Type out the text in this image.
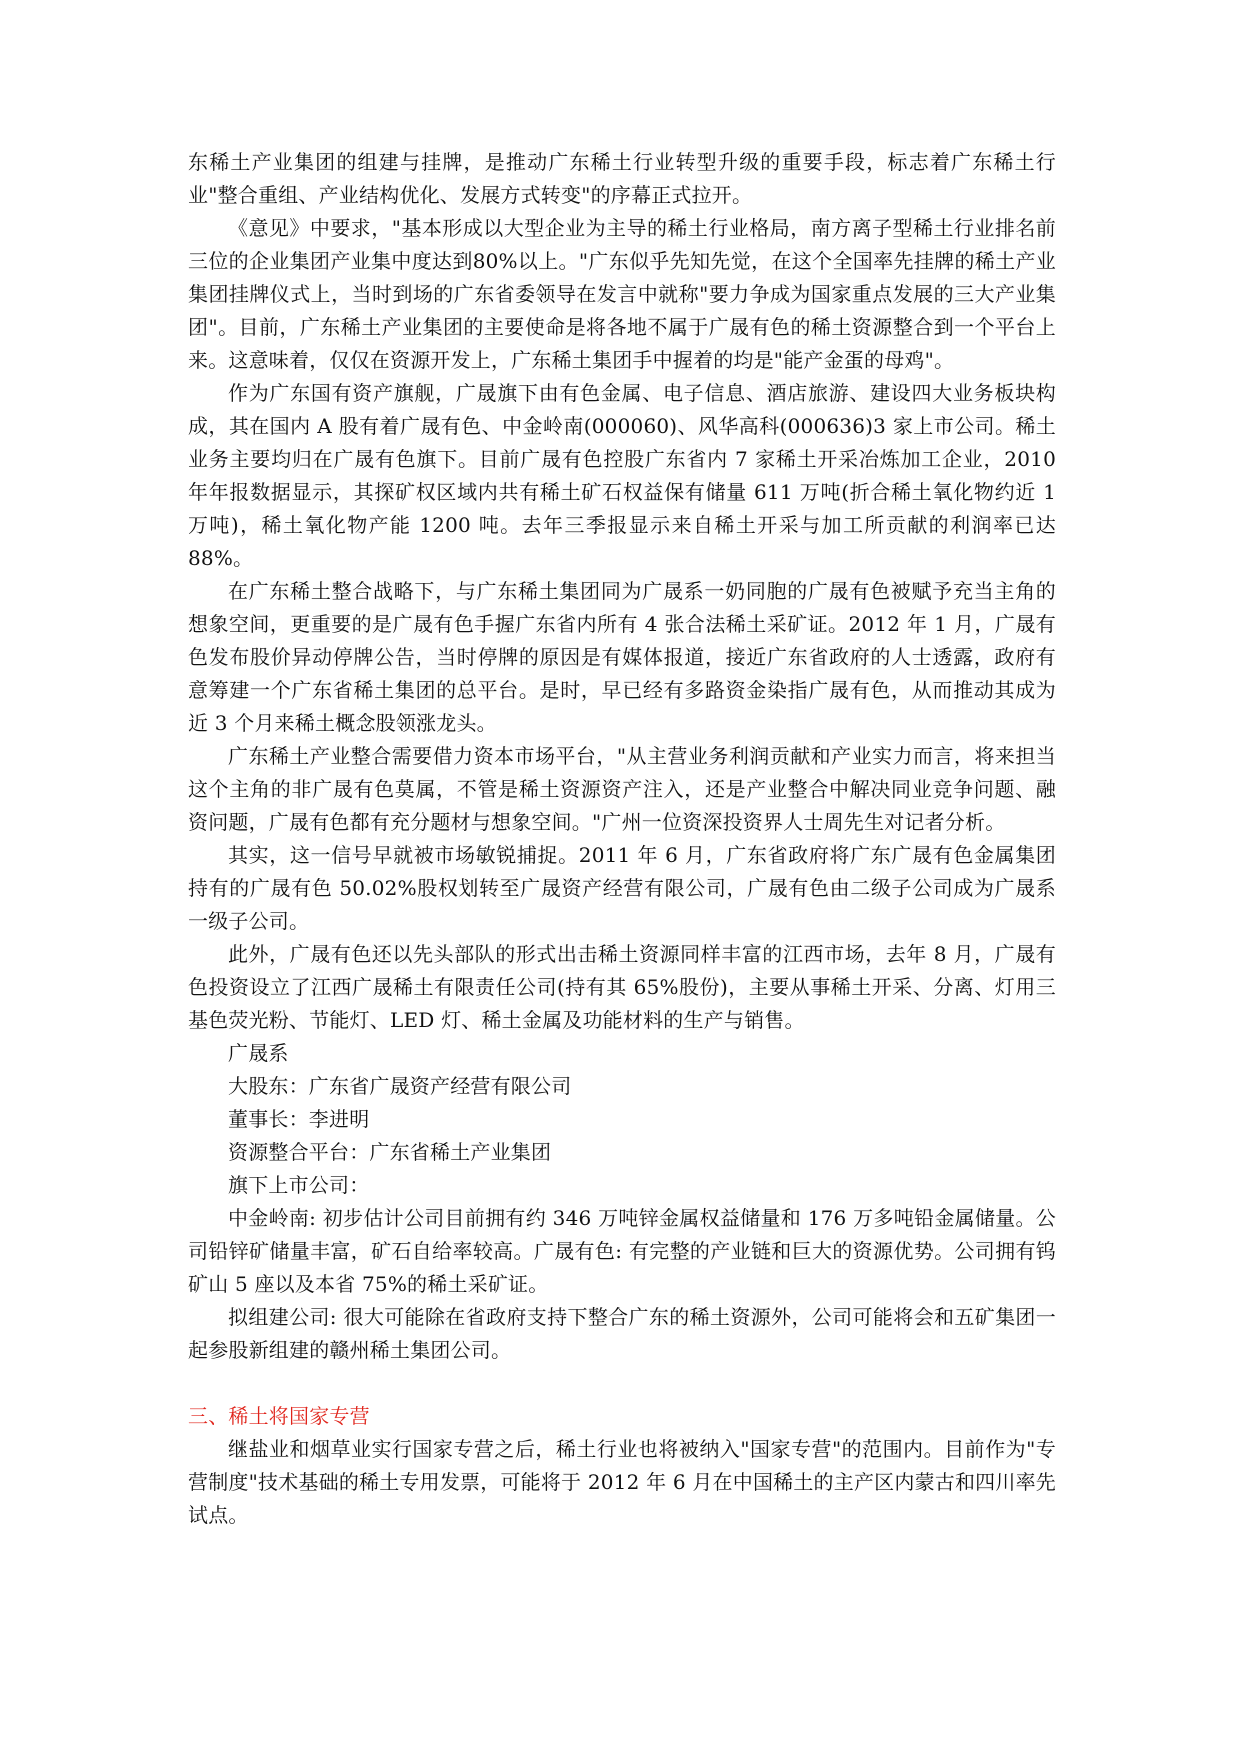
东稀土产业集团的组建与挂牌，是推动广东稀土行业转型升级的重要手段，标志着广东稀土行业"整合重组、产业结构优化、发展方式转变"的序幕正式拉开。

《意见》中要求，"基本形成以大型企业为主导的稀土行业格局，南方离子型稀土行业排名前三位的企业集团产业集中度达到80%以上。"广东似乎先知先觉，在这个全国率先挂牌的稀土产业集团挂牌仪式上，当时到场的广东省委领导在发言中就称"要力争成为国家重点发展的三大产业集团"。目前，广东稀土产业集团的主要使命是将各地不属于广晟有色的稀土资源整合到一个平台上来。这意味着，仅仅在资源开发上，广东稀土集团手中握着的均是"能产金蛋的母鸡"。

作为广东国有资产旗舰，广晟旗下由有色金属、电子信息、酒店旅游、建设四大业务板块构成，其在国内 A 股有着广晟有色、中金岭南(000060)、风华高科(000636)3 家上市公司。稀土业务主要均归在广晟有色旗下。目前广晟有色控股广东省内 7 家稀土开采冶炼加工企业，2010 年年报数据显示，其探矿权区域内共有稀土矿石权益保有储量 611 万吨(折合稀土氧化物约近 1 万吨)，稀土氧化物产能 1200 吨。去年三季报显示来自稀土开采与加工所贡献的利润率已达 88%。

在广东稀土整合战略下，与广东稀土集团同为广晟系一奶同胞的广晟有色被赋予充当主角的想象空间，更重要的是广晟有色手握广东省内所有 4 张合法稀土采矿证。2012 年 1 月，广晟有色发布股价异动停牌公告，当时停牌的原因是有媒体报道，接近广东省政府的人士透露，政府有意筹建一个广东省稀土集团的总平台。是时，早已经有多路资金染指广晟有色，从而推动其成为近 3 个月来稀土概念股领涨龙头。

广东稀土产业整合需要借力资本市场平台，"从主营业务利润贡献和产业实力而言，将来担当这个主角的非广晟有色莫属，不管是稀土资源资产注入，还是产业整合中解决同业竞争问题、融资问题，广晟有色都有充分题材与想象空间。"广州一位资深投资界人士周先生对记者分析。

其实，这一信号早就被市场敏锐捕捉。2011 年 6 月，广东省政府将广东广晟有色金属集团持有的广晟有色 50.02%股权划转至广晟资产经营有限公司，广晟有色由二级子公司成为广晟系一级子公司。

此外，广晟有色还以先头部队的形式出击稀土资源同样丰富的江西市场，去年 8 月，广晟有色投资设立了江西广晟稀土有限责任公司(持有其 65%股份)，主要从事稀土开采、分离、灯用三基色荧光粉、节能灯、LED 灯、稀土金属及功能材料的生产与销售。

广晟系

大股东：广东省广晟资产经营有限公司

董事长：李进明

资源整合平台：广东省稀土产业集团

旗下上市公司：

中金岭南: 初步估计公司目前拥有约 346 万吨锌金属权益储量和 176 万多吨铅金属储量。公司铅锌矿储量丰富，矿石自给率较高。广晟有色: 有完整的产业链和巨大的资源优势。公司拥有钨矿山 5 座以及本省 75%的稀土采矿证。

拟组建公司: 很大可能除在省政府支持下整合广东的稀土资源外，公司可能将会和五矿集团一起参股新组建的赣州稀土集团公司。

三、稀土将国家专营

继盐业和烟草业实行国家专营之后，稀土行业也将被纳入"国家专营"的范围内。目前作为"专营制度"技术基础的稀土专用发票，可能将于 2012 年 6 月在中国稀土的主产区内蒙古和四川率先试点。
